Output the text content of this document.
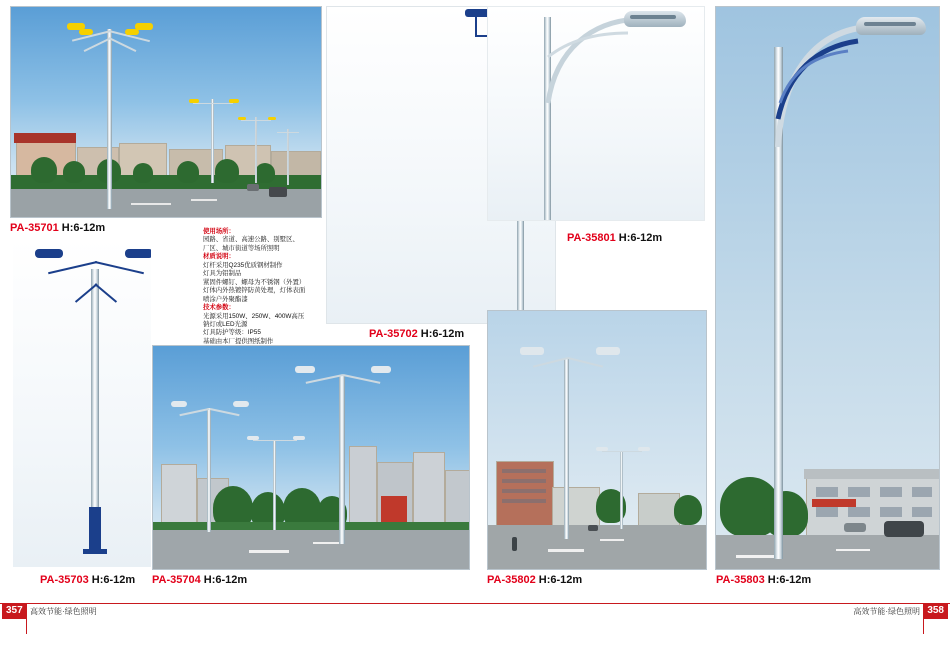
PA-35701 H:6-12m
PA-35702 H:6-12m
使用场所：
园路、省道、高速公路、别墅区、
厂区、城市街道等场所照明
材质说明：
灯杆采用Q235优质钢材制作
灯具为铝制品
紧固件螺钉、螺母为不锈钢（外置）
灯体内外热镀锌防黄处理，灯体表面
喷涂户外聚酯漆
技术参数：
光源采用150W、250W、400W高压
钠灯或LED光源
灯具防护等级：IP55
基础由本厂提供图纸制作
PA-35703 H:6-12m PA-35704 H:6-12m
PA-35801 H:6-12m
PA-35802 H:6-12m	PA-35803 H:6-12m
357 高效节能·绿色照明	358
高效节能·绿色照明
